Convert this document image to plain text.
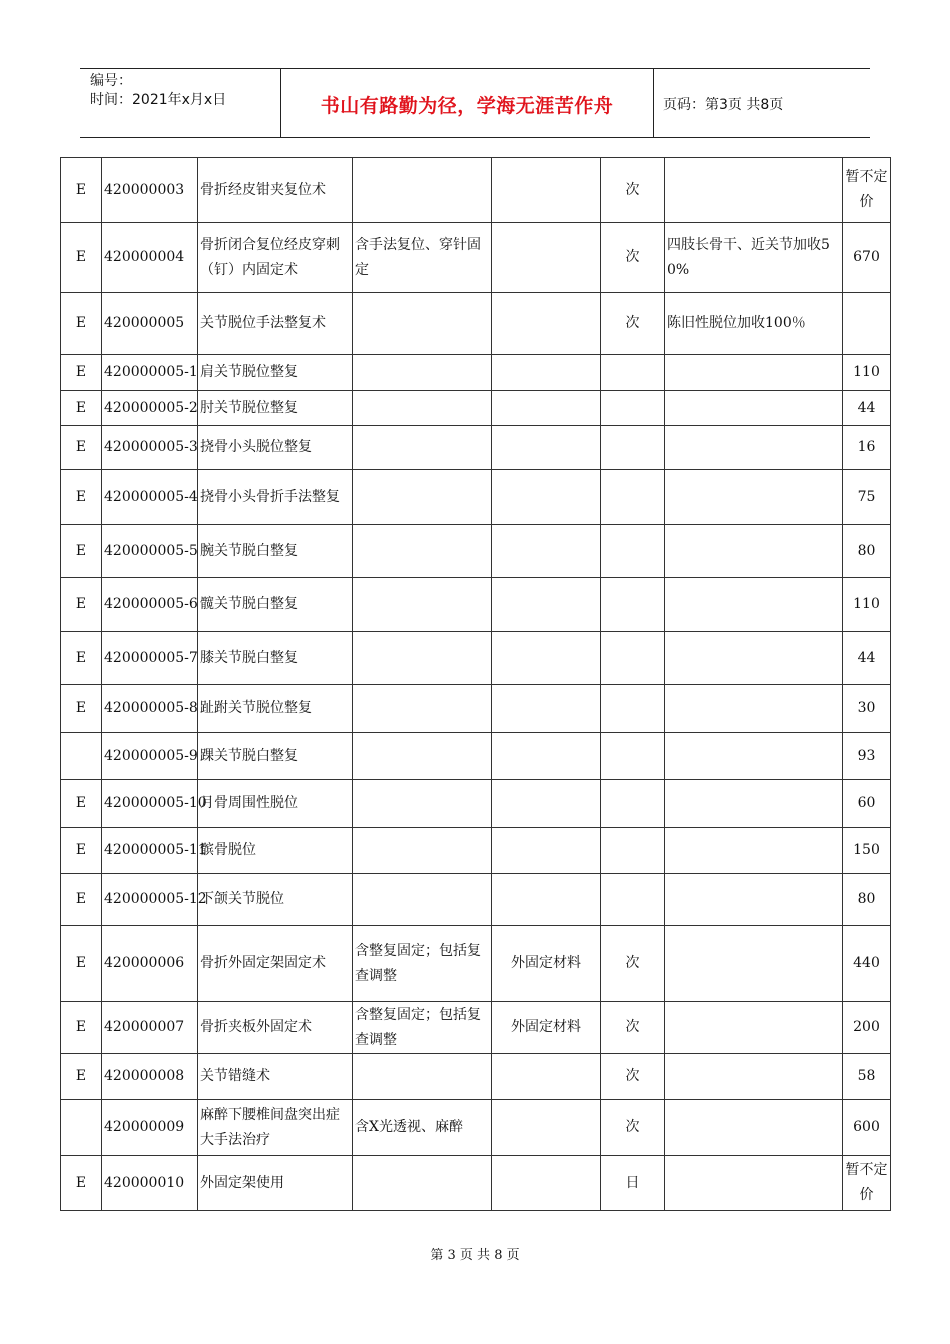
编号：
时间：2021年x月x日	书山有路勤为径，学海无涯苦作舟	页码：第3页 共8页
E	420000003	骨折经皮钳夹复位术			次		暂不定价
E	420000004	骨折闭合复位经皮穿刺（钉）内固定术	含手法复位、穿针固定		次	四肢长骨干、近关节加收50%	670
E	420000005	关节脱位手法整复术			次	陈旧性脱位加收100％	
E	420000005-1	肩关节脱位整复					110
E	420000005-2	肘关节脱位整复					44
E	420000005-3	挠骨小头脱位整复					16
E	420000005-4	挠骨小头骨折手法整复					75
E	420000005-5	腕关节脱白整复					80
E	420000005-6	髋关节脱白整复					110
E	420000005-7	膝关节脱白整复					44
E	420000005-8	趾跗关节脱位整复					30
	420000005-9	踝关节脱白整复					93
E	420000005-10	月骨周围性脱位					60
E	420000005-11	髌骨脱位					150
E	420000005-12	下颌关节脱位					80
E	420000006	骨折外固定架固定术	含整复固定；包括复查调整	外固定材料	次		440
E	420000007	骨折夹板外固定术	含整复固定；包括复查调整	外固定材料	次		200
E	420000008	关节错缝术			次		58
	420000009	麻醉下腰椎间盘突出症大手法治疗	含X光透视、麻醉		次		600
E	420000010	外固定架使用			日		暂不定价
第 3 页 共 8 页
